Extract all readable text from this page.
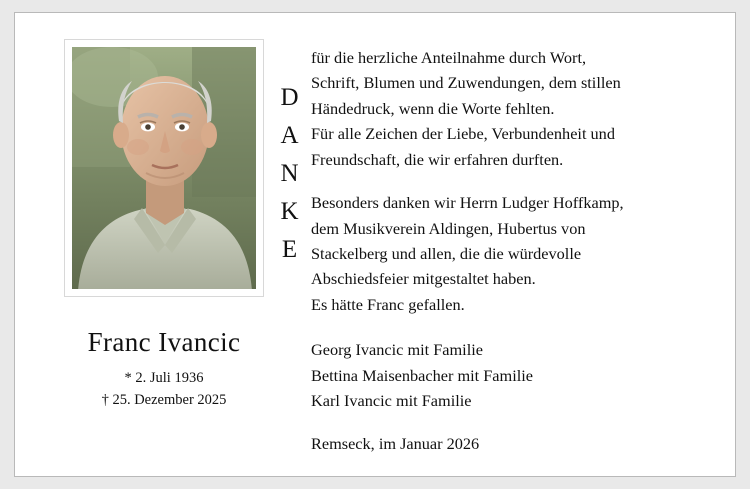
Franc Ivancic
* 2. Juli 1936
† 25. Dezember 2025
D
A
N
K
E
für die herzliche Anteilnahme durch Wort,
Schrift, Blumen und Zuwendungen, dem stillen
Händedruck, wenn die Worte fehlten.
Für alle Zeichen der Liebe, Verbundenheit und
Freundschaft, die wir erfahren durften.
Besonders danken wir Herrn Ludger Hoffkamp,
dem Musikverein Aldingen, Hubertus von
Stackelberg und allen, die die würdevolle
Abschiedsfeier mitgestaltet haben.
Es hätte Franc gefallen.
Georg Ivancic mit Familie
Bettina Maisenbacher mit Familie
Karl Ivancic mit Familie
Remseck, im Januar 2026
